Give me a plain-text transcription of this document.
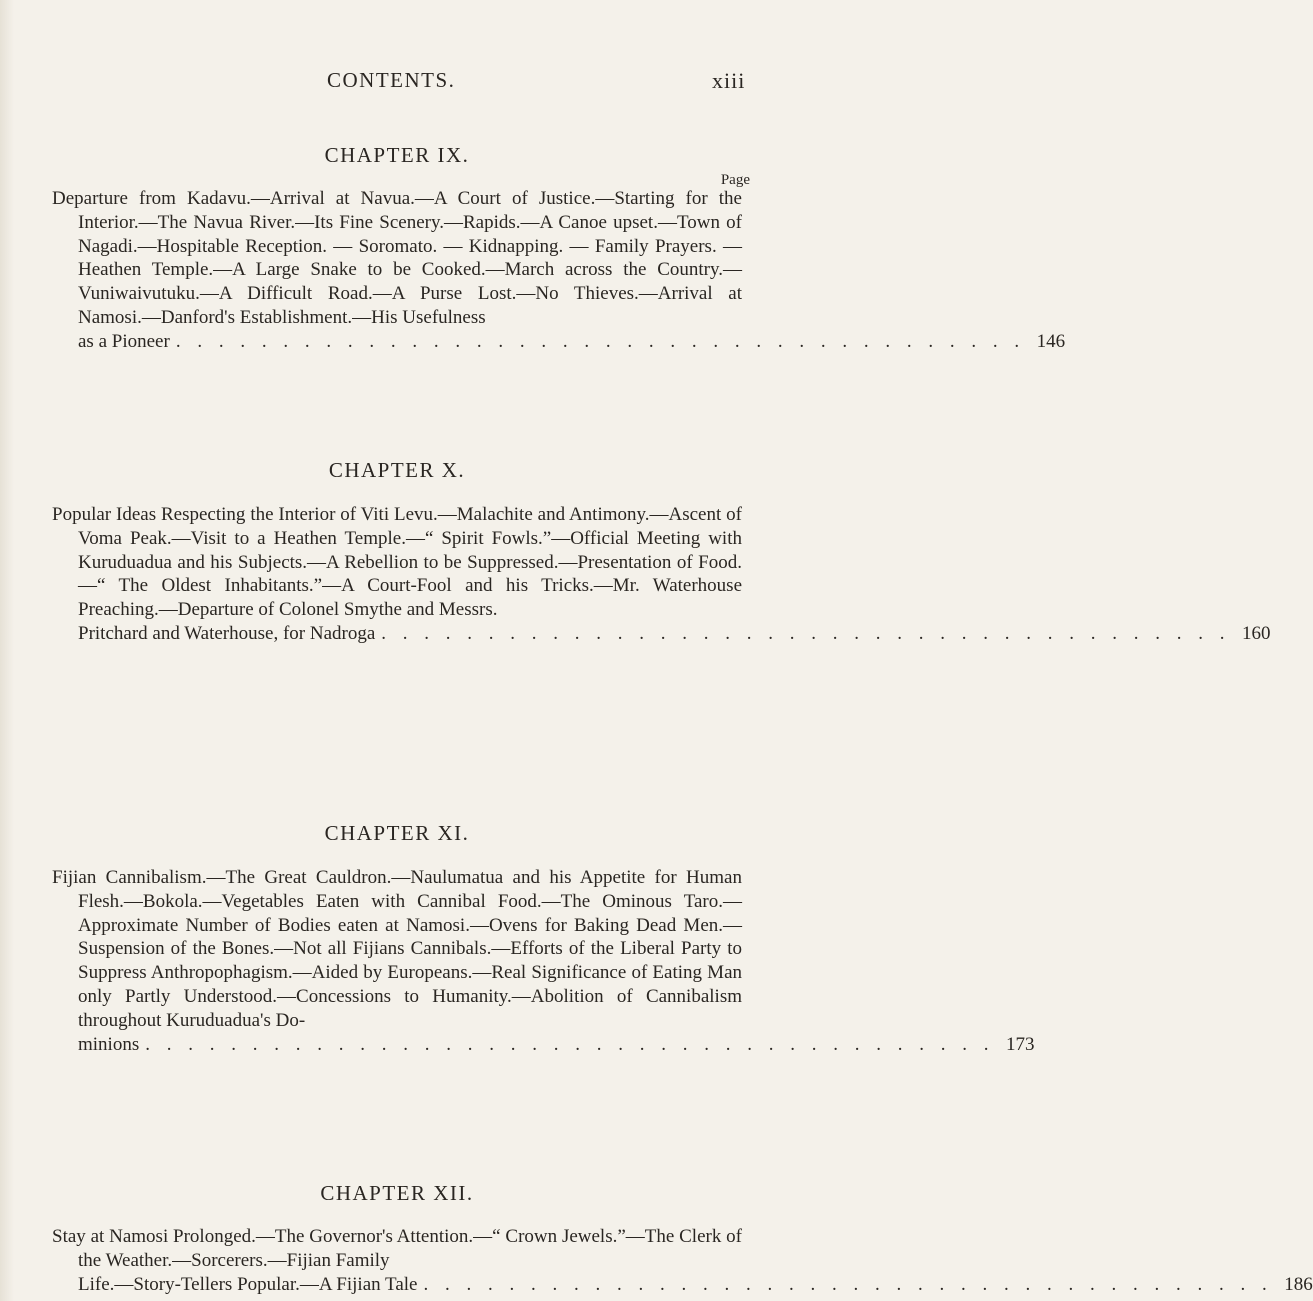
CONTENTS.	xiii
CHAPTER IX.
Page

Departure from Kadavu.—Arrival at Navua.—A Court of Justice.—Starting for the Interior.—The Navua River.—Its Fine Scenery.—Rapids.—A Canoe upset.—Town of Nagadi.—Hospitable Reception. — Soromato. — Kidnapping. — Family Prayers. — Heathen Temple.—A Large Snake to be Cooked.—March across the Country.—Vuniwaivutuku.—A Difficult Road.—A Purse Lost.—No Thieves.—Arrival at Namosi.—Danford's Establishment.—His Usefulness

as a Pioneer . . . . . . . . . . . . . . . . . . . . . . . . . . . . . . . . . . . . . . . . 146
CHAPTER X.

Popular Ideas Respecting the Interior of Viti Levu.—Malachite and Antimony.—Ascent of Voma Peak.—Visit to a Heathen Temple.—“ Spirit Fowls.”—Official Meeting with Kuruduadua and his Subjects.—A Rebellion to be Suppressed.—Presentation of Food.—“ The Oldest Inhabitants.”—A Court-Fool and his Tricks.—Mr. Waterhouse Preaching.—Departure of Colonel Smythe and Messrs.

Pritchard and Waterhouse, for Nadroga . . . . . . . . . . . . . . . . . . . . . . . . . . . . . . . . . . . . . . . . 160
CHAPTER XI.

Fijian Cannibalism.—The Great Cauldron.—Naulumatua and his Appetite for Human Flesh.—Bokola.—Vegetables Eaten with Cannibal Food.—The Ominous Taro.—Approximate Number of Bodies eaten at Namosi.—Ovens for Baking Dead Men.—Suspension of the Bones.—Not all Fijians Cannibals.—Efforts of the Liberal Party to Suppress Anthropophagism.—Aided by Europeans.—Real Significance of Eating Man only Partly Understood.—Concessions to Humanity.—Abolition of Cannibalism throughout Kuruduadua's Do-

minions . . . . . . . . . . . . . . . . . . . . . . . . . . . . . . . . . . . . . . . . 173
CHAPTER XII.

Stay at Namosi Prolonged.—The Governor's Attention.—“ Crown Jewels.”—The Clerk of the Weather.—Sorcerers.—Fijian Family

Life.—Story-Tellers Popular.—A Fijian Tale . . . . . . . . . . . . . . . . . . . . . . . . . . . . . . . . . . . . . . . . 186
